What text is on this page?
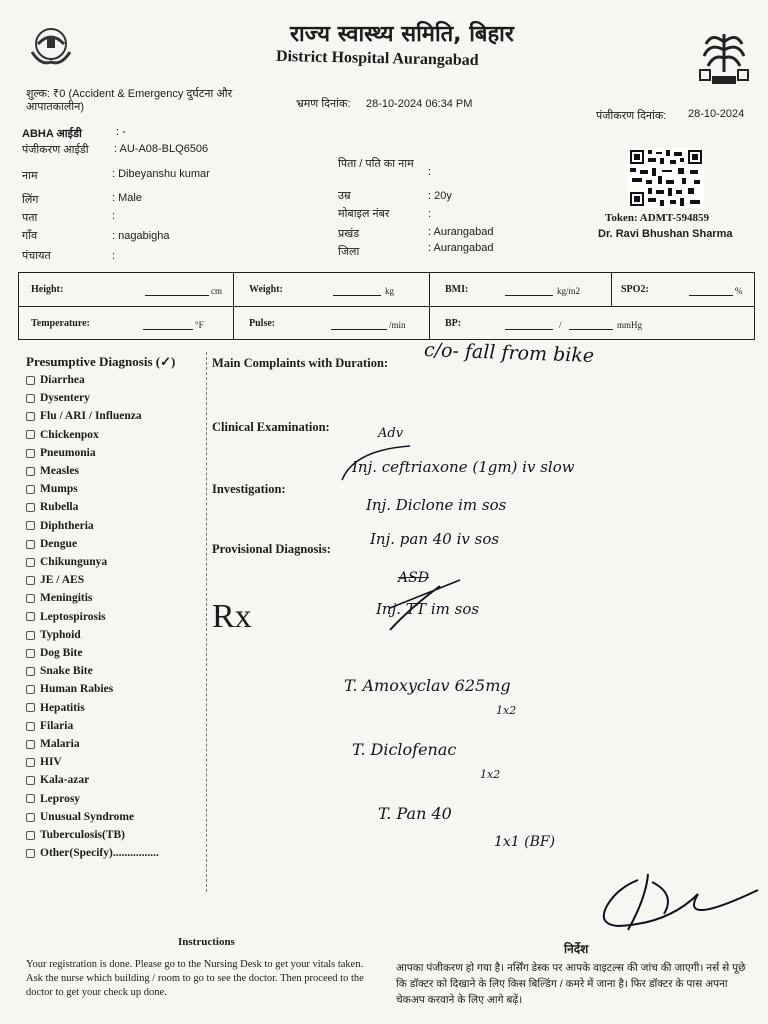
राज्य स्वास्थ्य समिति, बिहार
District Hospital Aurangabad
शुल्क: ₹0 (Accident & Emergency दुर्घटना और आपातकालीन)	भ्रमण दिनांक: 28-10-2024 06:34 PM
पंजीकरण दिनांक: 28-10-2024
ABHA आईडी	: -
पंजीकरण आईडी : AU-A08-BLQ6506
नाम	: Dibeyanshu kumar
लिंग	: Male
पता	:
गाँव	: nagabigha
पंचायत	:
पिता / पति का नाम
:
उम्र	: 20y
मोबाइल नंबर	:
प्रखंड	: Aurangabad
जिला	: Aurangabad
Token: ADMT-594859
Dr. Ravi Bhushan Sharma
Height:	cm	Weight:	kg	BMI:	kg/m2	SPO2:	%
Temperature:	°F	Pulse:	/min	BP:	/	mmHg
Presumptive Diagnosis (✓)
Diarrhea
Dysentery
Flu / ARI / Influenza
Chickenpox
Pneumonia
Measles
Mumps
Rubella
Diphtheria
Dengue
Chikungunya
JE / AES
Meningitis
Leptospirosis
Typhoid
Dog Bite
Snake Bite
Human Rabies
Hepatitis
Filaria
Malaria
HIV
Kala-azar
Leprosy
Unusual Syndrome
Tuberculosis(TB)
Other(Specify)................
Main Complaints with Duration:
Clinical Examination:
Investigation:
Provisional Diagnosis:
Rx
c/o- fall from bike
Adv
Inj. ceftriaxone (1gm) iv slow
Inj. Diclone im sos
Inj. pan 40 iv sos
ASD
Inj. TT im sos
T. Amoxyclav 625mg
1x2
T. Diclofenac
1x2
T. Pan 40
1x1 (BF)
Instructions
Your registration is done. Please go to the Nursing Desk to get your vitals taken. Ask the nurse which building / room to go to see the doctor. Then proceed to the doctor to get your check up done.
निर्देश
आपका पंजीकरण हो गया है। नर्सिंग डेस्क पर आपके वाइटल्स की जांच की जाएगी। नर्स से पूछे कि डॉक्टर को दिखाने के लिए किस बिल्डिंग / कमरे में जाना है। फिर डॉक्टर के पास अपना चेकअप करवाने के लिए आगे बढ़ें।
